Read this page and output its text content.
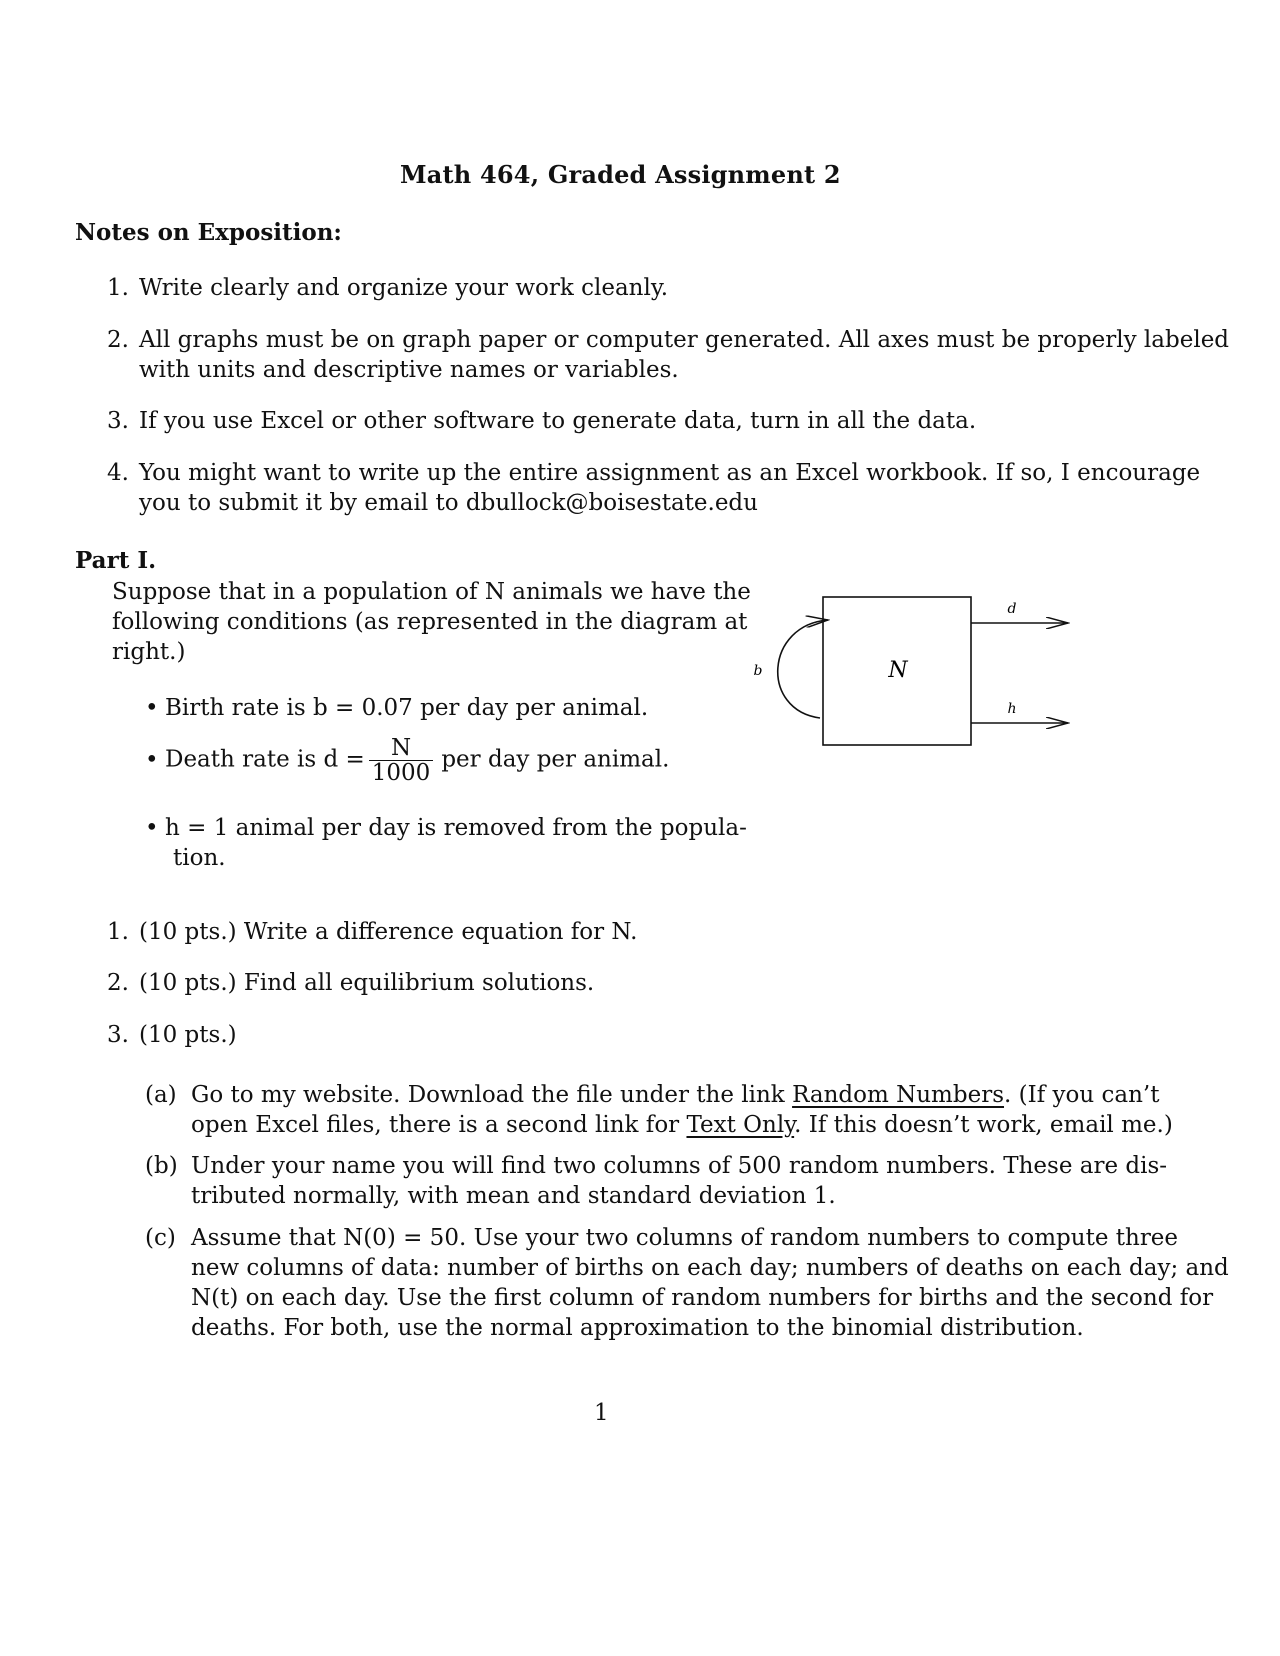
Math 464, Graded Assignment 2
Notes on Exposition:
1. Write clearly and organize your work cleanly.
2. All graphs must be on graph paper or computer generated. All axes must be properly labeled
with units and descriptive names or variables.
3. If you use Excel or other software to generate data, turn in all the data.
4. You might want to write up the entire assignment as an Excel workbook. If so, I encourage
you to submit it by email to dbullock@boisestate.edu
Part I.
Suppose that in a population of N animals we have the
following conditions (as represented in the diagram at
right.)
• Birth rate is b = 0.07 per day per animal.
• Death rate is $d = \frac{N}{1000}$ per day per animal.
• h = 1 animal per day is removed from the popula-
tion.
N
b
d
h
1. (10 pts.) Write a difference equation for N.
2. (10 pts.) Find all equilibrium solutions.
3. (10 pts.)
(a) Go to my website. Download the file under the link Random Numbers. (If you can’t
open Excel files, there is a second link for Text Only. If this doesn’t work, email me.)
(b) Under your name you will find two columns of 500 random numbers. These are dis-
tributed normally, with mean and standard deviation 1.
(c) Assume that N(0) = 50. Use your two columns of random numbers to compute three
new columns of data: number of births on each day; numbers of deaths on each day; and
N(t) on each day. Use the first column of random numbers for births and the second for
deaths. For both, use the normal approximation to the binomial distribution.
1
